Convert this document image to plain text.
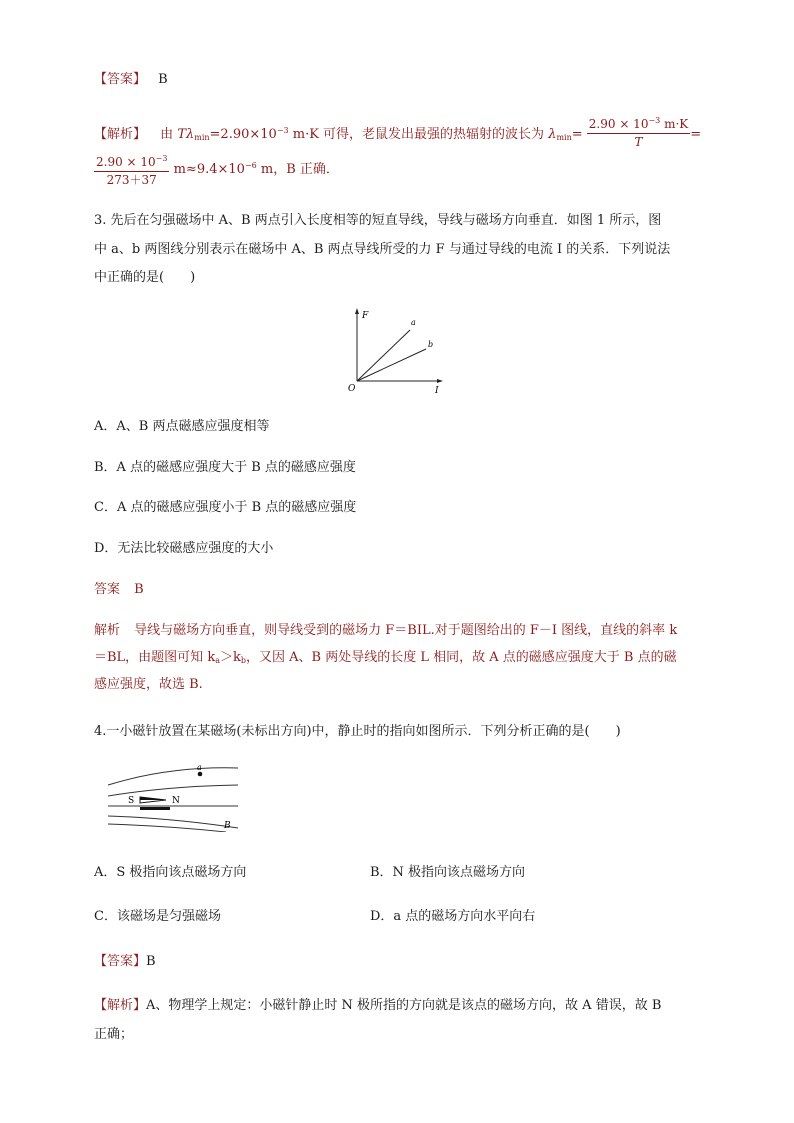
【答案】 B
【解析】 由 $T\lambda_{min}=2.90\times 10^{-3}$ m·K 可得，老鼠发出最强的热辐射的波长为 $\lambda_{min}= \frac{2.90 \times 10^{-3} m\cdot K}{T}$ =
$\frac{2.90 \times 10^{-3}}{273+37} m\approx 9.4\times 10^{-6}$ m，B 正确．
3. 先后在匀强磁场中 A、B 两点引入长度相等的短直导线，导线与磁场方向垂直．如图 1 所示，图
中 a、b 两图线分别表示在磁场中 A、B 两点导线所受的力 F 与通过导线的电流 I 的关系．下列说法
中正确的是(　　)
F
I
O
a
b
A．A、B 两点磁感应强度相等
B．A 点的磁感应强度大于 B 点的磁感应强度
C．A 点的磁感应强度小于 B 点的磁感应强度
D．无法比较磁感应强度的大小
答案 B
解析 导线与磁场方向垂直，则导线受到的磁场力 F＝BIL.对于题图给出的 F－I 图线，直线的斜率 k
＝BL，由题图可知 $k_a>k_b$，又因 A、B 两处导线的长度 L 相同，故 A 点的磁感应强度大于 B 点的磁
感应强度，故选 B.
4.一小磁针放置在某磁场(未标出方向)中，静止时的指向如图所示．下列分析正确的是(　　)
a
S	N
B
A．S 极指向该点磁场方向	B．N 极指向该点磁场方向
C．该磁场是匀强磁场	D．a 点的磁场方向水平向右
【答案】B
【解析】A、物理学上规定：小磁针静止时 N 极所指的方向就是该点的磁场方向，故 A 错误，故 B
正确；
